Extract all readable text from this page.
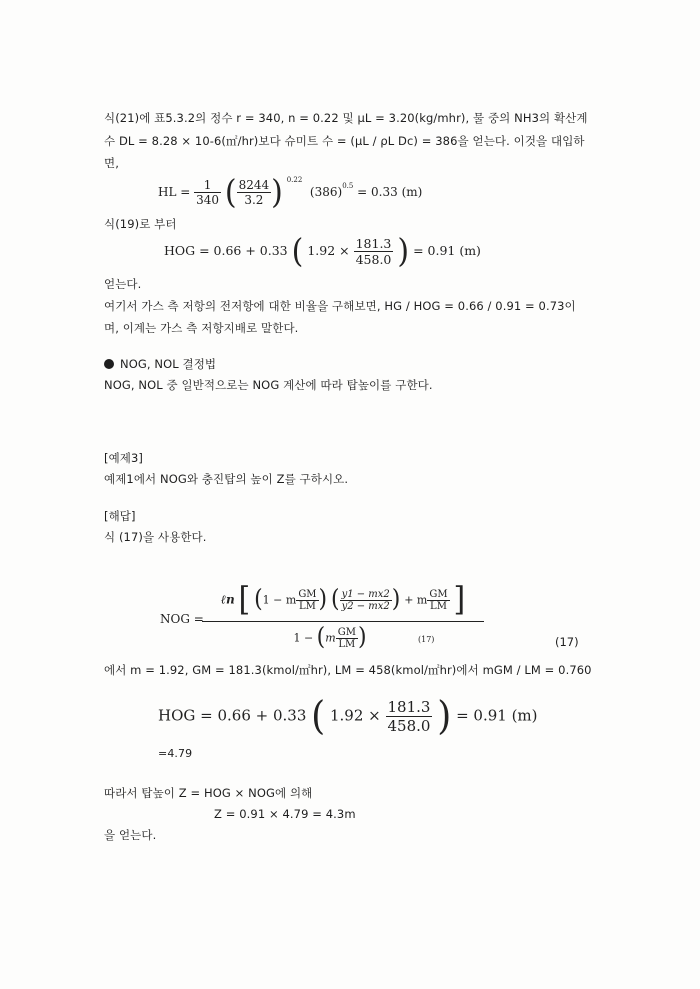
식(21)에 표5.3.2의 정수 r = 340, n = 0.22 및 μL = 3.20(kg/mhr), 물 중의 NH3의 확산계
수 DL = 8.28 × 10-6(㎡/hr)보다 슈미트 수 = (μL / ρL Dc) = 386을 얻는다. 이것을 대입하
면,
HL = $\frac{1}{340}$ ( $\frac{8244}{3.2}$ ) $^{0.22}$  $(386)^{0.5} = 0.33$ (m)
식(19)로 부터
HOG = 0.66 + 0.33 ( $1.92 \times \frac{181.3}{458.0}$ ) = 0.91 (m)
얻는다.
여기서 가스 측 저항의 전저항에 대한 비율을 구해보면, HG / HOG = 0.66 / 0.91 = 0.73이
며, 이계는 가스 측 저항지배로 말한다.
NOG, NOL 결정법
NOG, NOL 중 일반적으로는 NOG 계산에 따라 탑높이를 구한다.
[예제3]
예제1에서 NOG와 충진탑의 높이 Z를 구하시오.
[해답]
식 (17)을 사용한다.
NOG =
ℓn [ (1 − m $\frac{GM}{LM}$ ) ( $\frac{y1 - mx2}{y2 - mx2}$ ) + m $\frac{GM}{LM}$ ]
$1 - (m \frac{GM}{LM}$ )	(17)	(17)
에서 m = 1.92, GM = 181.3(kmol/㎡hr), LM = 458(kmol/㎡hr)에서 mGM / LM = 0.760
HOG = 0.66 + 0.33 ( $1.92 \times \frac{181.3}{458.0}$ ) = 0.91 (m)
=4.79
따라서 탑높이 Z = HOG × NOG에 의해
Z = 0.91 × 4.79 = 4.3m
을 얻는다.
